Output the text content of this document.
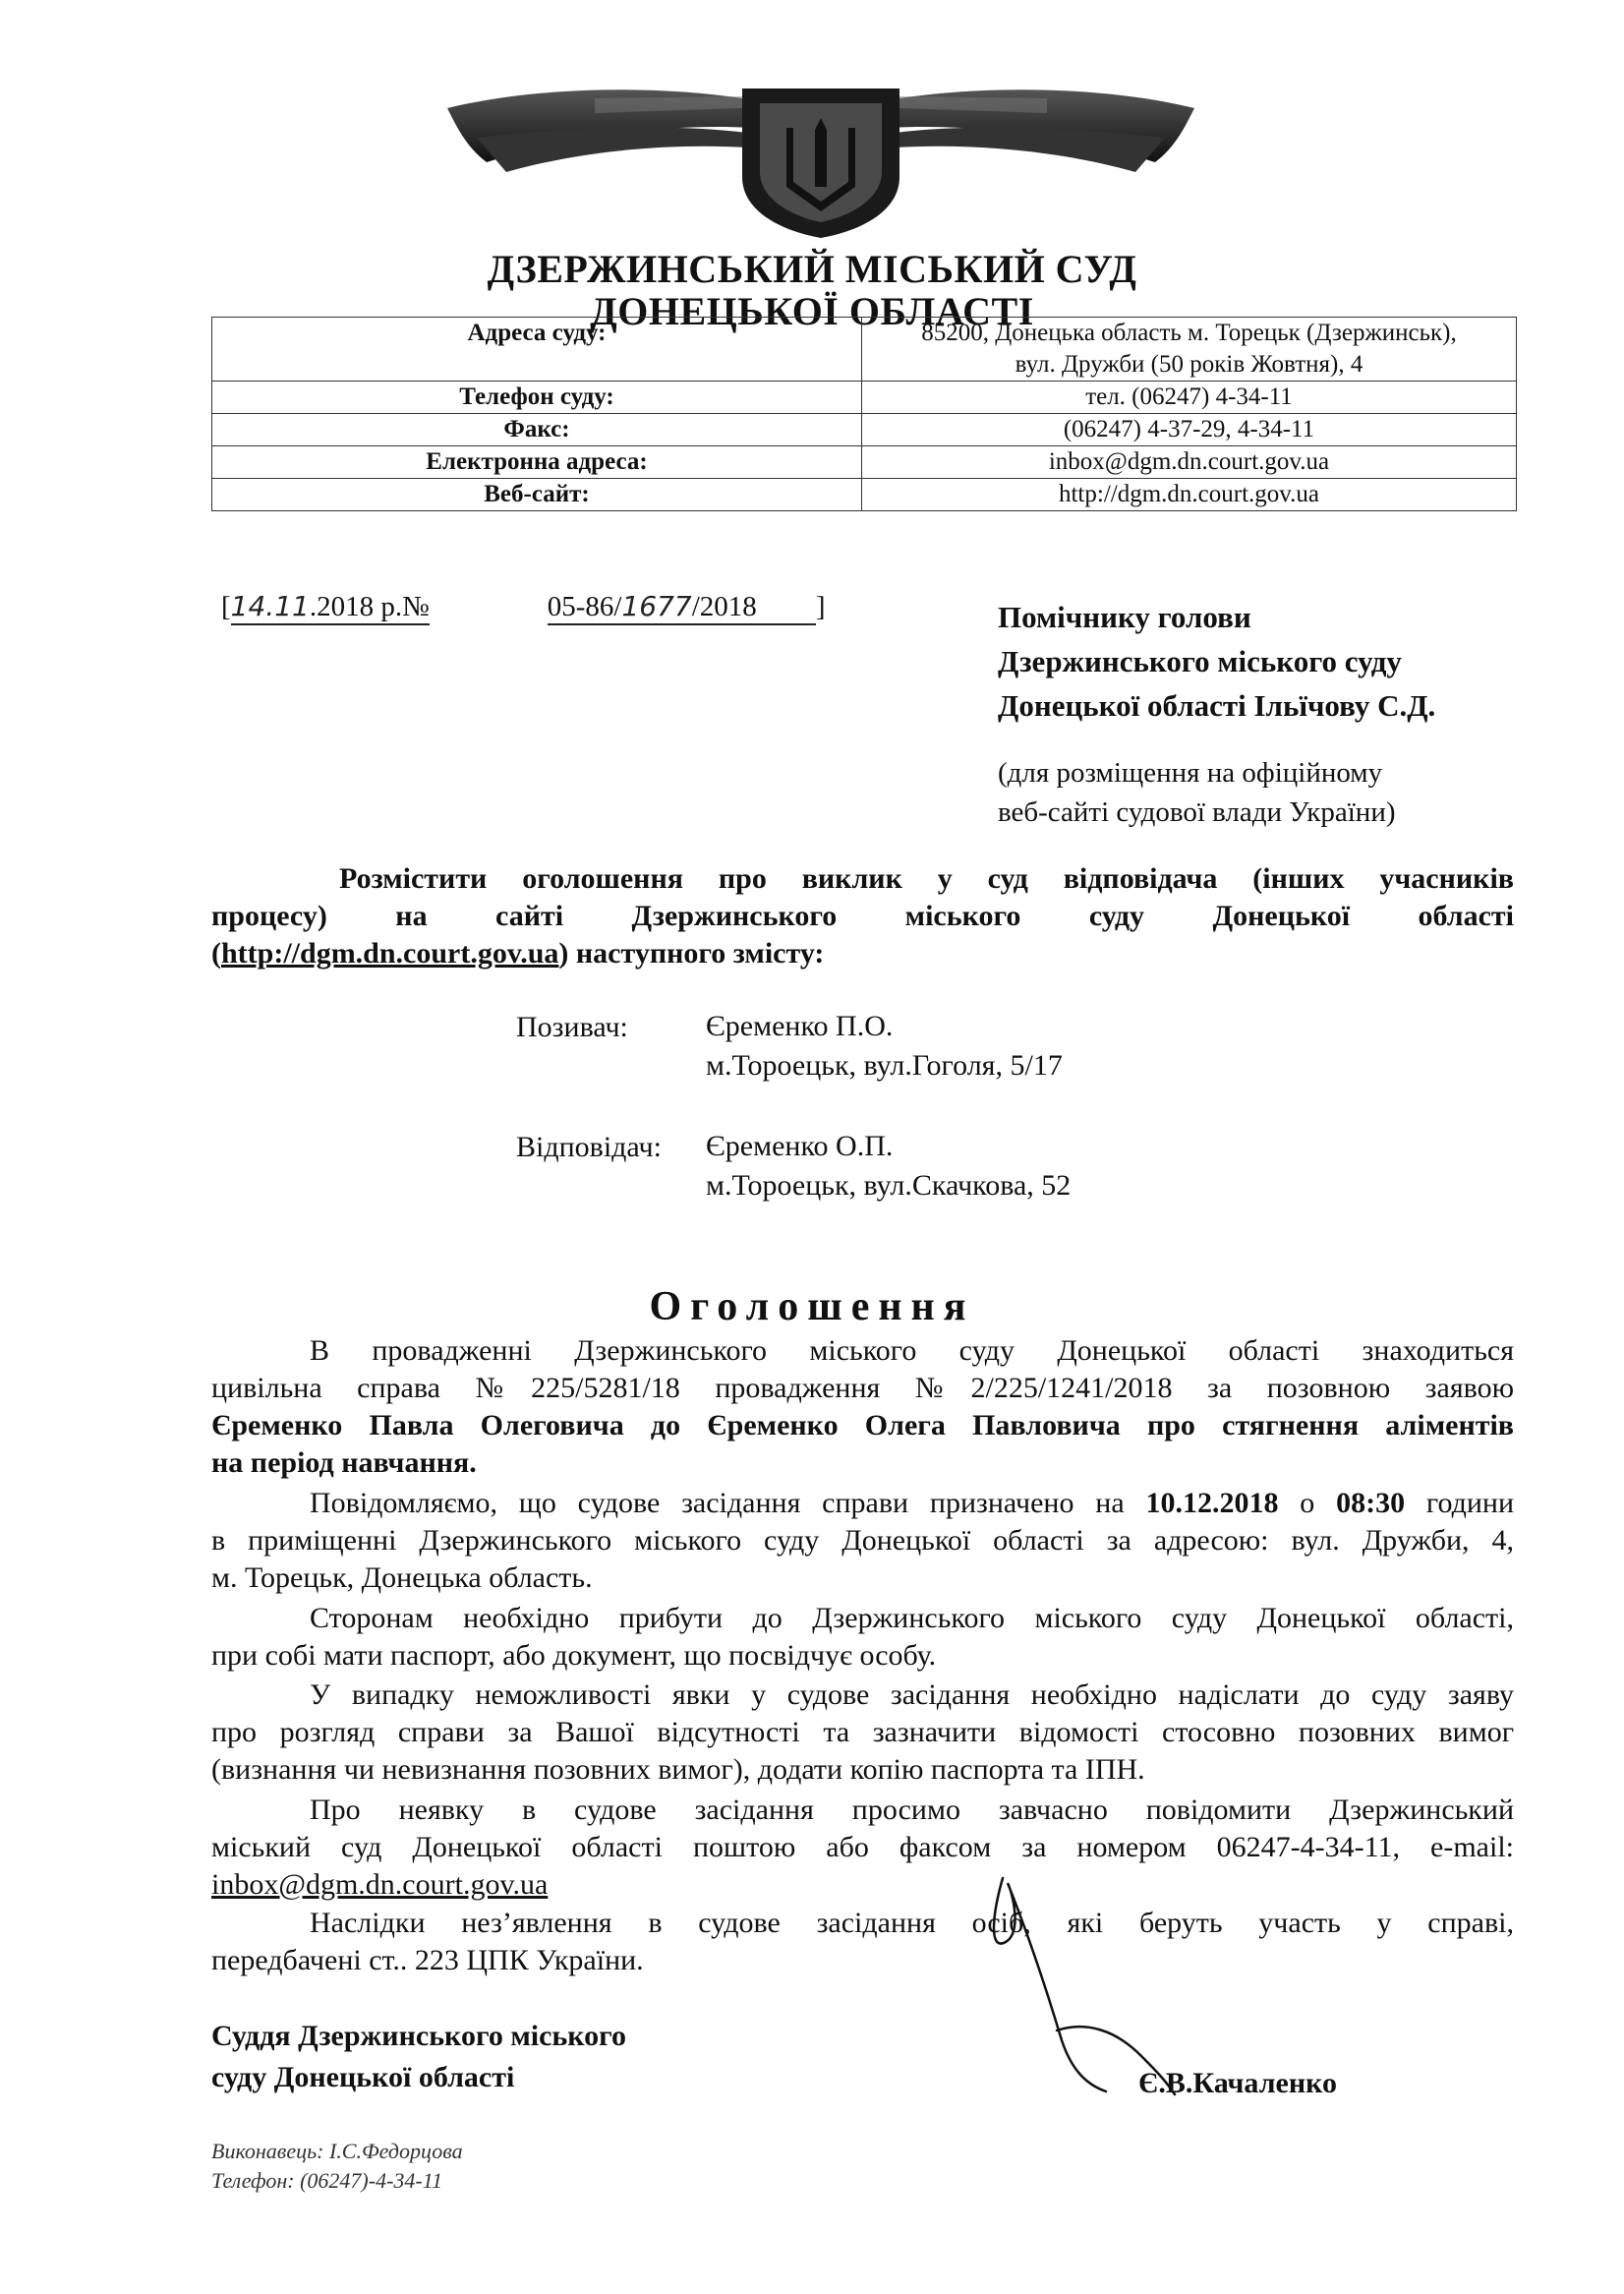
ДЗЕРЖИНСЬКИЙ МІСЬКИЙ СУД
ДОНЕЦЬКОЇ ОБЛАСТІ
Адреса суду:	85200, Донецька область м. Торецьк (Дзержинськ),
вул. Дружби (50 років Жовтня), 4

Телефон суду:	тел. (06247) 4-34-11
Факс:	(06247) 4-37-29, 4-34-11
Електронна адреса:	inbox@dgm.dn.court.gov.ua
Веб-сайт:	http://dgm.dn.court.gov.ua
[14.11.2018 р.№	05-86/1677/2018 ]	Помічнику голови
Дзержинського міського суду
Донецької області Ільїчову С.Д.
(для розміщення на офіційному
веб-сайті судової влади України)
Розмістити оголошення про виклик у суд відповідача (інших учасників
процесу) на сайті Дзержинського міського суду Донецької області
(http://dgm.dn.court.gov.ua) наступного змісту:
Позивач:	Єременко П.О.
м.Тороецьк, вул.Гоголя, 5/17
Відповідач: Єременко О.П.
м.Тороецьк, вул.Скачкова, 52
Оголошення
В провадженні Дзержинського міського суду Донецької області знаходиться
цивільна справа №225/5281/18 провадження №2/225/1241/2018 за позовною заявою
Єременко Павла Олеговича до Єременко Олега Павловича про стягнення аліментів
на період навчання.
Повідомляємо, що судове засідання справи призначено на 10.12.2018 о 08:30 години
в приміщенні Дзержинського міського суду Донецької області за адресою: вул. Дружби, 4,
м. Торецьк, Донецька область.
Сторонам необхідно прибути до Дзержинського міського суду Донецької області,
при собі мати паспорт, або документ, що посвідчує особу.
У випадку неможливості явки у судове засідання необхідно надіслати до суду заяву
про розгляд справи за Вашої відсутності та зазначити відомості стосовно позовних вимог
(визнання чи невизнання позовних вимог), додати копію паспорта та ІПН.
Про неявку в судове засідання просимо завчасно повідомити Дзержинський
міський суд Донецької області поштою або факсом за номером 06247-4-34-11, e-mail:
inbox@dgm.dn.court.gov.ua
Наслідки нез’явлення в судове засідання осіб, які беруть участь у справі,
передбачені ст.. 223 ЦПК України.
Суддя Дзержинського міського
суду Донецької області	Є.В.Качаленко
Виконавець: І.С.Федорцова
Телефон: (06247)-4-34-11
